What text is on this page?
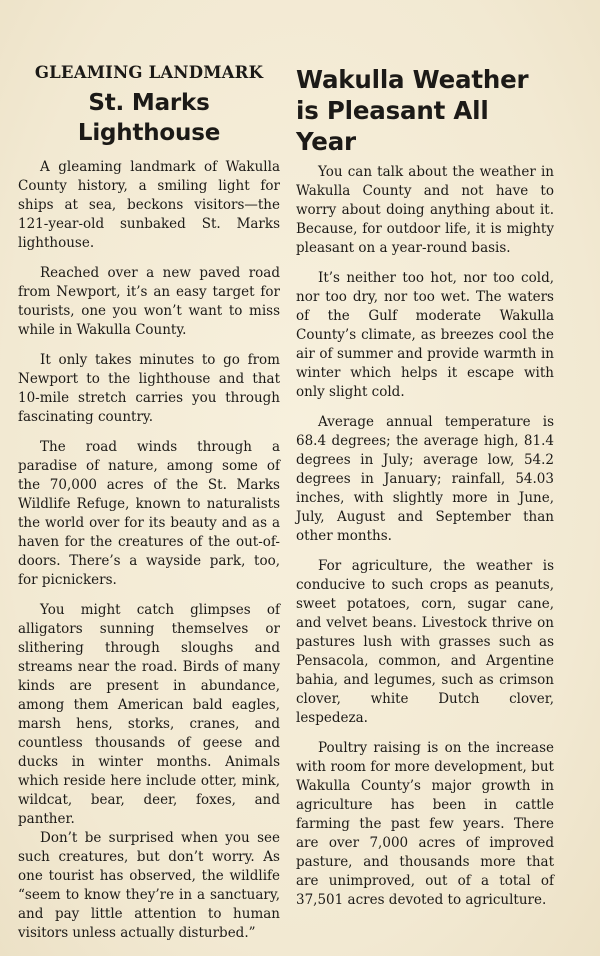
GLEAMING LANDMARK
St. Marks Lighthouse

A gleaming landmark of Wakulla County history, a smiling light for ships at sea, beckons visitors—the 121-year-old sunbaked St. Marks lighthouse.

Reached over a new paved road from Newport, it’s an easy target for tourists, one you won’t want to miss while in Wakulla County.

It only takes minutes to go from Newport to the lighthouse and that 10-mile stretch carries you through fascinating country.

The road winds through a paradise of nature, among some of the 70,000 acres of the St. Marks Wildlife Refuge, known to naturalists the world over for its beauty and as a haven for the creatures of the out-of-doors. There’s a wayside park, too, for picnickers.

You might catch glimpses of alligators sunning themselves or slithering through sloughs and streams near the road. Birds of many kinds are present in abundance, among them American bald eagles, marsh hens, storks, cranes, and countless thousands of geese and ducks in winter months. Animals which reside here include otter, mink, wildcat, bear, deer, foxes, and panther.

Don’t be surprised when you see such creatures, but don’t worry. As one tourist has observed, the wildlife “seem to know they’re in a sanctuary, and pay little attention to human visitors unless actually disturbed.”

Wakulla Weather is Pleasant All Year

You can talk about the weather in Wakulla County and not have to worry about doing anything about it. Because, for outdoor life, it is mighty pleasant on a year-round basis.

It’s neither too hot, nor too cold, nor too dry, nor too wet. The waters of the Gulf moderate Wakulla County’s climate, as breezes cool the air of summer and provide warmth in winter which helps it escape with only slight cold.

Average annual temperature is 68.4 degrees; the average high, 81.4 degrees in July; average low, 54.2 degrees in January; rainfall, 54.03 inches, with slightly more in June, July, August and September than other months.

For agriculture, the weather is conducive to such crops as peanuts, sweet potatoes, corn, sugar cane, and velvet beans. Livestock thrive on pastures lush with grasses such as Pensacola, common, and Argentine bahia, and legumes, such as crimson clover, white Dutch clover, lespedeza.

Poultry raising is on the increase with room for more development, but Wakulla County’s major growth in agriculture has been in cattle farming the past few years. There are over 7,000 acres of improved pasture, and thousands more that are unimproved, out of a total of 37,501 acres devoted to agriculture.
